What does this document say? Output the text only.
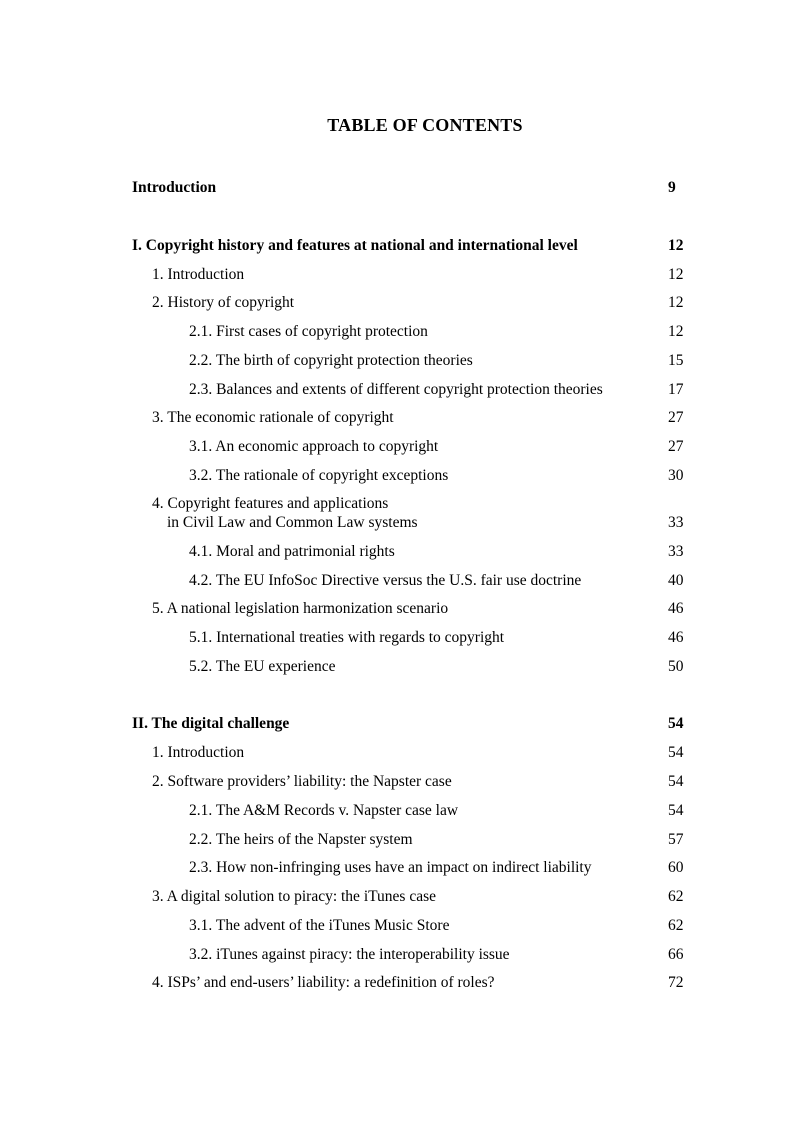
TABLE OF CONTENTS
Introduction	9
I. Copyright history and features at national and international level	12
1. Introduction	12
2. History of copyright	12
2.1. First cases of copyright protection	12
2.2. The birth of copyright protection theories	15
2.3. Balances and extents of different copyright protection theories	17
3. The economic rationale of copyright	27
3.1. An economic approach to copyright	27
3.2. The rationale of copyright exceptions	30
4. Copyright features and applications
in Civil Law and Common Law systems	33
4.1. Moral and patrimonial rights	33
4.2. The EU InfoSoc Directive versus the U.S. fair use doctrine	40
5. A national legislation harmonization scenario	46
5.1. International treaties with regards to copyright	46
5.2. The EU experience	50
II. The digital challenge	54
1. Introduction	54
2. Software providers’ liability: the Napster case	54
2.1. The A&M Records v. Napster case law	54
2.2. The heirs of the Napster system	57
2.3. How non-infringing uses have an impact on indirect liability	60
3. A digital solution to piracy: the iTunes case	62
3.1. The advent of the iTunes Music Store	62
3.2. iTunes against piracy: the interoperability issue	66
4. ISPs’ and end-users’ liability: a redefinition of roles?	72
